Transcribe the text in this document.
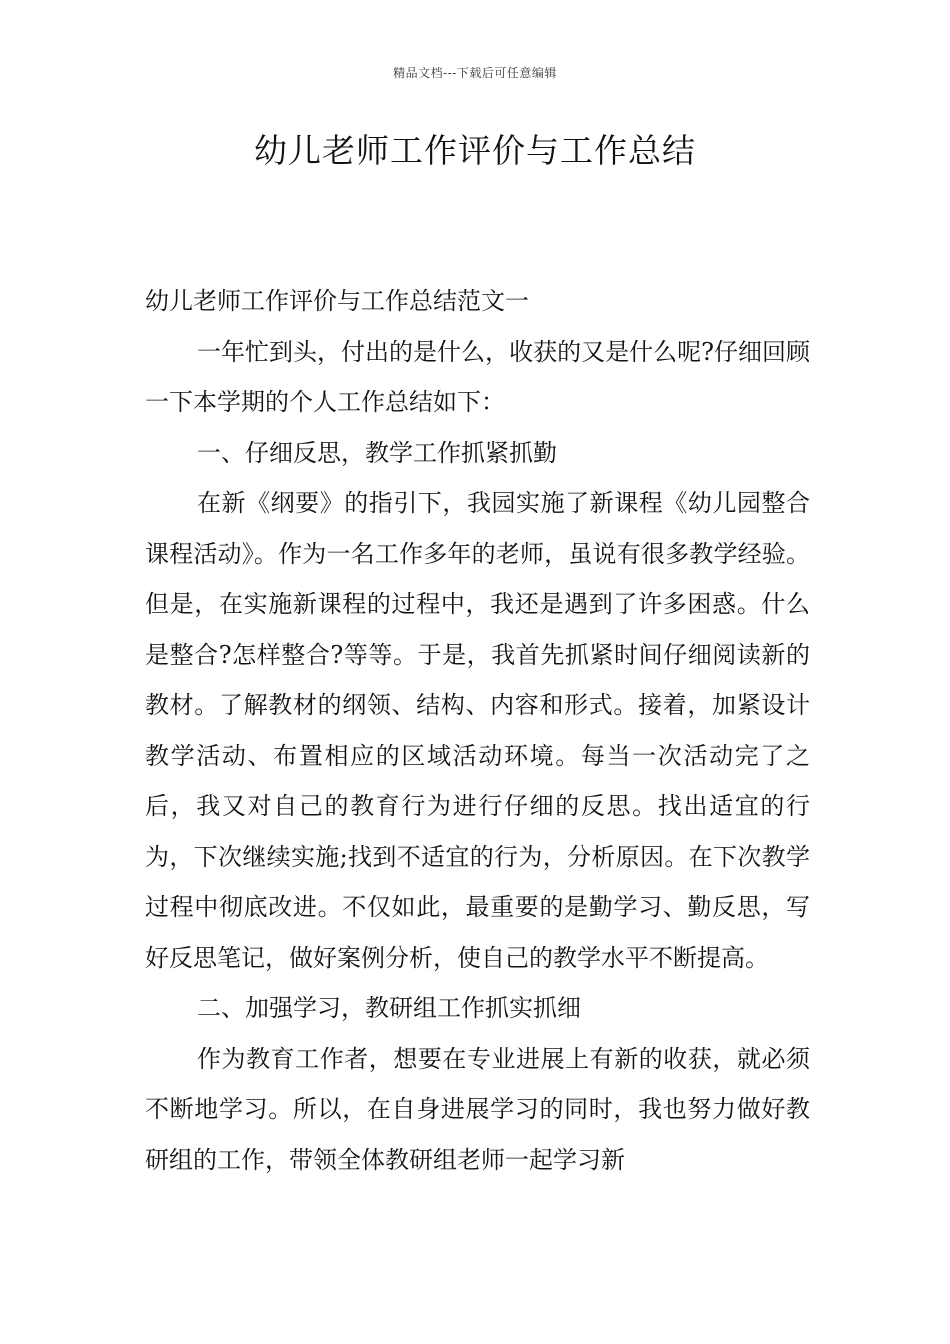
精品文档---下载后可任意编辑
幼儿老师工作评价与工作总结

幼儿老师工作评价与工作总结范文一

一年忙到头，付出的是什么，收获的又是什么呢?仔细回顾一下本学期的个人工作总结如下：

一、仔细反思，教学工作抓紧抓勤

在新《纲要》的指引下，我园实施了新课程《幼儿园整合课程活动》。作为一名工作多年的老师，虽说有很多教学经验。但是，在实施新课程的过程中，我还是遇到了许多困惑。什么是整合?怎样整合?等等。于是，我首先抓紧时间仔细阅读新的教材。了解教材的纲领、结构、内容和形式。接着，加紧设计教学活动、布置相应的区域活动环境。每当一次活动完了之后，我又对自己的教育行为进行仔细的反思。找出适宜的行为，下次继续实施;找到不适宜的行为，分析原因。在下次教学过程中彻底改进。不仅如此，最重要的是勤学习、勤反思，写好反思笔记，做好案例分析，使自己的教学水平不断提高。

二、加强学习，教研组工作抓实抓细

作为教育工作者，想要在专业进展上有新的收获，就必须不断地学习。所以，在自身进展学习的同时，我也努力做好教研组的工作，带领全体教研组老师一起学习新
